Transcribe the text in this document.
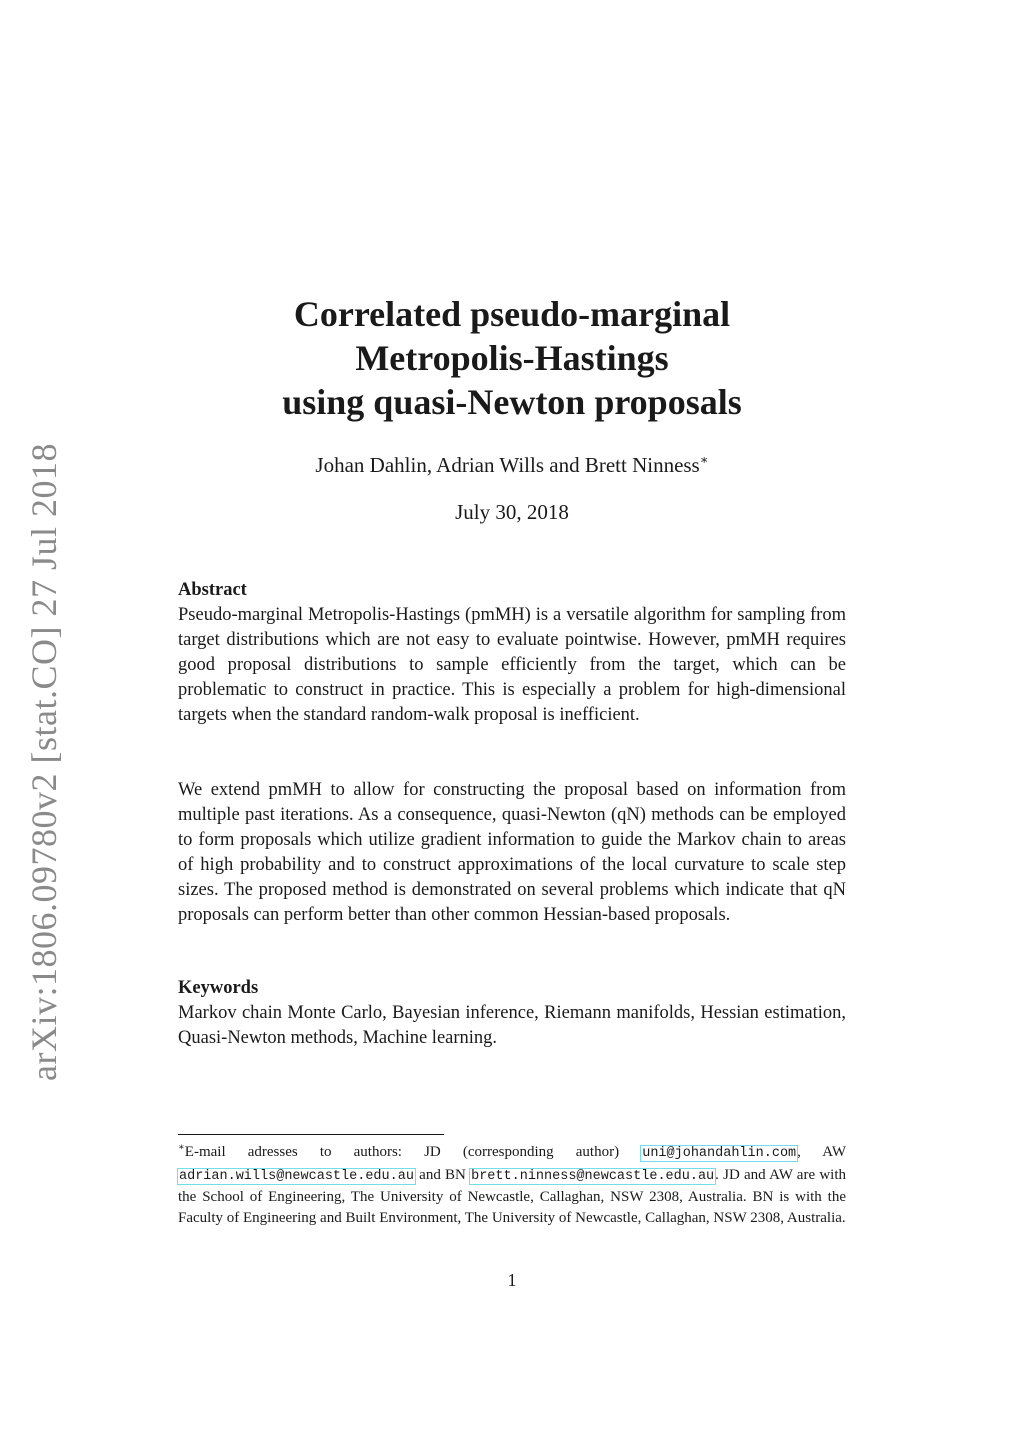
arXiv:1806.09780v2 [stat.CO] 27 Jul 2018
Correlated pseudo-marginal
Metropolis-Hastings
using quasi-Newton proposals
Johan Dahlin, Adrian Wills and Brett Ninness∗
July 30, 2018
Abstract
Pseudo-marginal Metropolis-Hastings (pmMH) is a versatile algorithm for sampling from target distributions which are not easy to evaluate pointwise. However, pmMH requires good proposal distributions to sample efficiently from the target, which can be problematic to construct in practice. This is especially a problem for high-dimensional targets when the standard random-walk proposal is inefficient.
We extend pmMH to allow for constructing the proposal based on information from multiple past iterations. As a consequence, quasi-Newton (qN) methods can be employed to form proposals which utilize gradient information to guide the Markov chain to areas of high probability and to construct approximations of the local curvature to scale step sizes. The proposed method is demonstrated on several problems which indicate that qN proposals can perform better than other common Hessian-based proposals.
Keywords
Markov chain Monte Carlo, Bayesian inference, Riemann manifolds, Hessian estimation, Quasi-Newton methods, Machine learning.
∗E-mail adresses to authors: JD (corresponding author) uni@johandahlin.com, AW adrian.wills@newcastle.edu.au and BN brett.ninness@newcastle.edu.au. JD and AW are with the School of Engineering, The University of Newcastle, Callaghan, NSW 2308, Australia. BN is with the Faculty of Engineering and Built Environment, The University of Newcastle, Callaghan, NSW 2308, Australia.
1
